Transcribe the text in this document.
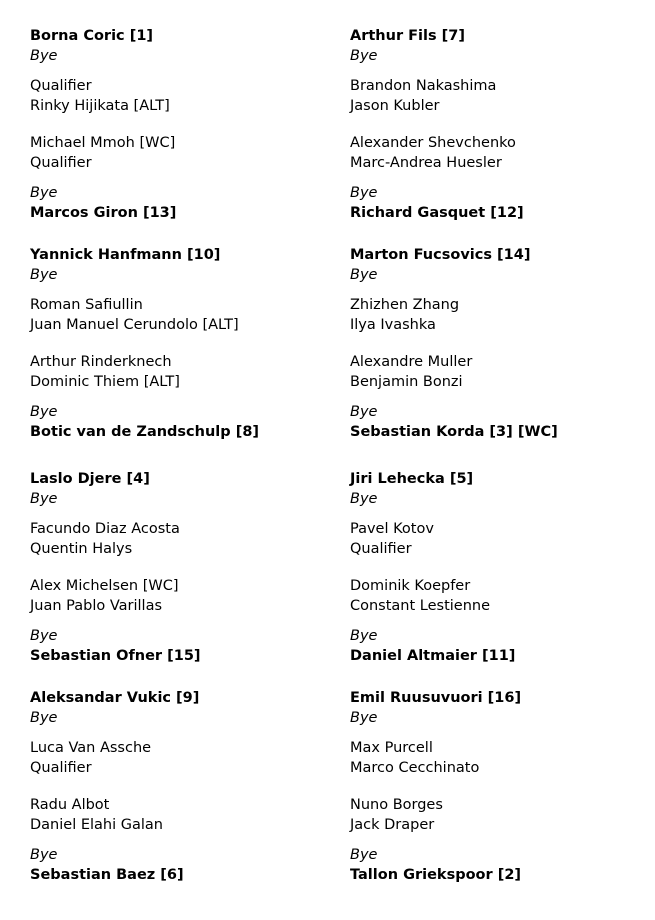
Borna Coric [1]
Bye
Qualifier
Rinky Hijikata [ALT]
Michael Mmoh [WC]
Qualifier
Bye
Marcos Giron [13]
Yannick Hanfmann [10]
Bye
Roman Safiullin
Juan Manuel Cerundolo [ALT]
Arthur Rinderknech
Dominic Thiem [ALT]
Bye
Botic van de Zandschulp [8]
Laslo Djere [4]
Bye
Facundo Diaz Acosta
Quentin Halys
Alex Michelsen [WC]
Juan Pablo Varillas
Bye
Sebastian Ofner [15]
Aleksandar Vukic [9]
Bye
Luca Van Assche
Qualifier
Radu Albot
Daniel Elahi Galan
Bye
Sebastian Baez [6]
Arthur Fils [7]
Bye
Brandon Nakashima
Jason Kubler
Alexander Shevchenko
Marc-Andrea Huesler
Bye
Richard Gasquet [12]
Marton Fucsovics [14]
Bye
Zhizhen Zhang
Ilya Ivashka
Alexandre Muller
Benjamin Bonzi
Bye
Sebastian Korda [3] [WC]
Jiri Lehecka [5]
Bye
Pavel Kotov
Qualifier
Dominik Koepfer
Constant Lestienne
Bye
Daniel Altmaier [11]
Emil Ruusuvuori [16]
Bye
Max Purcell
Marco Cecchinato
Nuno Borges
Jack Draper
Bye
Tallon Griekspoor [2]
